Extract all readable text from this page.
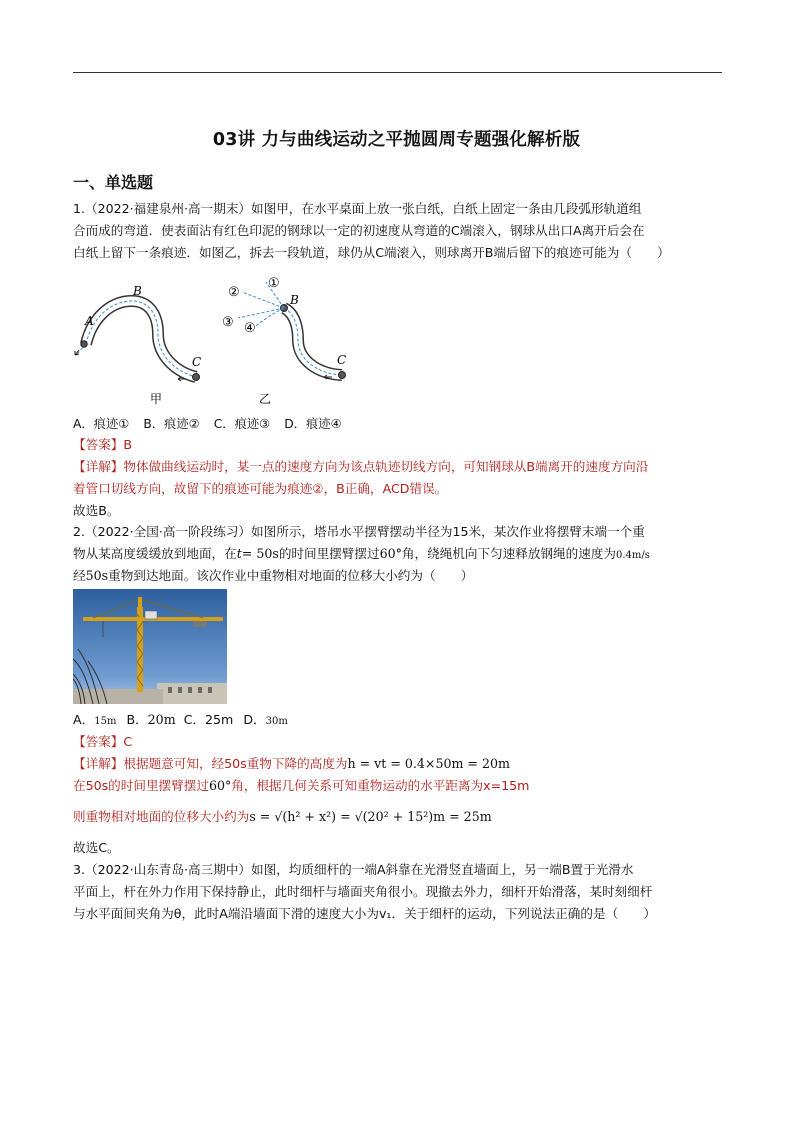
03讲 力与曲线运动之平抛圆周专题强化解析版
一、单选题
1.（2022·福建泉州·高一期末）如图甲，在水平桌面上放一张白纸，白纸上固定一条由几段弧形轨道组
合而成的弯道．使表面沾有红色印泥的钢球以一定的初速度从弯道的C端滚入，钢球从出口A离开后会在
白纸上留下一条痕迹．如图乙，拆去一段轨道，球仍从C端滚入，则球离开B端后留下的痕迹可能为（　　）
A
B
C
甲
①
②
③ ④
B
C
乙
A．痕迹① B．痕迹② C．痕迹③ D．痕迹④
【答案】B
【详解】物体做曲线运动时，某一点的速度方向为该点轨迹切线方向，可知钢球从B端离开的速度方向沿
着管口切线方向，故留下的痕迹可能为痕迹②，B正确，ACD错误。
故选B。
2.（2022·全国·高一阶段练习）如图所示，塔吊水平摆臂摆动半径为15米，某次作业将摆臂末端一个重
物从某高度缓缓放到地面，在t= 50s的时间里摆臂摆过60°角，绕绳机向下匀速释放钢绳的速度为0.4m/s
经50s重物到达地面。该次作业中重物相对地面的位移大小约为（　　）
A．15m B．20m C．25m D．30m
【答案】C
【详解】根据题意可知，经50s重物下降的高度为h = vt = 0.4×50m = 20m
在50s的时间里摆臂摆过60°角，根据几何关系可知重物运动的水平距离为x=15m
则重物相对地面的位移大小约为s = √(h² + x²) = √(20² + 15²)m = 25m
故选C。
3.（2022·山东青岛·高三期中）如图，均质细杆的一端A斜靠在光滑竖直墙面上，另一端B置于光滑水
平面上，杆在外力作用下保持静止，此时细杆与墙面夹角很小。现撤去外力，细杆开始滑落，某时刻细杆
与水平面间夹角为θ，此时A端沿墙面下滑的速度大小为v₁．关于细杆的运动，下列说法正确的是（　　）
